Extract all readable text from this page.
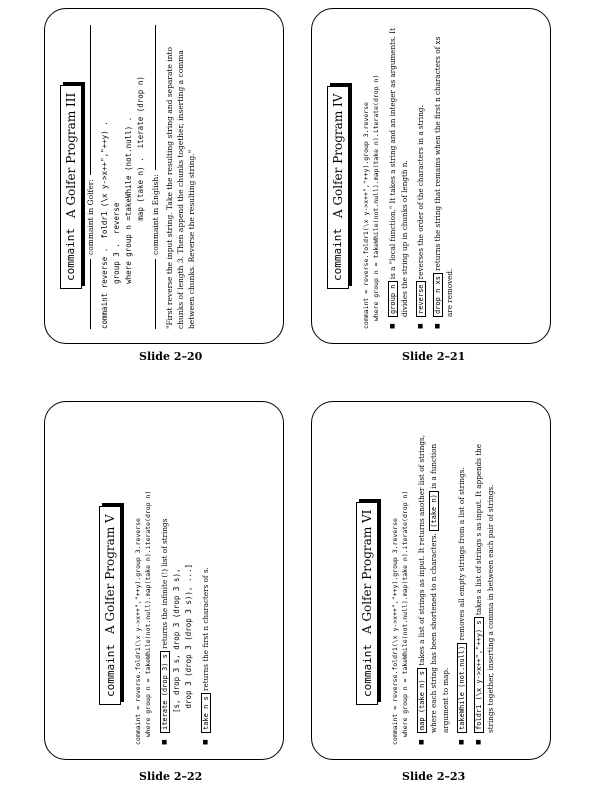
commaint
A Golfer Program III commaint in Golfer: commaint reverse .  foldr1 (\x y->x++","++y) . group 3 .  reverse where group n =takeWhile (not.null) . map (take n) .  iterate (drop n) commaint in English: "First reverse the input string. Take the resulting string and separate into chunks of length 3. Then append the chunks together, inserting a comma between chunks. Reverse the resulting string."
Slide 2–20
commaint
A Golfer Program IV	commaint = reverse.foldr1(\x y->x++","++y).group 3.reverse where group n = takeWhile(not.null).map(take n).iterate(drop n) ■ group n is a "local function." It takes a string and an integer as arguments. It divides the string up in chunks of length n. ■ reverse reverses the order of the characters in a string.
■ drop n xs returns the string that remains when the first n characters of xs are removed.
Slide 2–21
commaint
A Golfer Program V	commaint = reverse.foldr1(\x y->x++","++y).group 3.reverse where group n = takeWhile(not.null).map(take n).iterate(drop n) ■ iterate (drop 3) s returns the infinite (!) list of strings [s, drop 3 s, drop 3 (drop 3 s), drop 3 (drop 3 (drop 3 s)), ...]
■ take n s returns the first n characters of s.
Slide 2–22
commaint
A Golfer Program VI	commaint = reverse.foldr1(\x y->x++","++y).group 3.reverse where group n = takeWhile(not.null).map(take n).iterate(drop n) ■ map (take n) s takes a list of strings as input. It returns another list of strings, where each string has been shortened to n characters. (take n) is a function argument to map. ■ takeWhile (not.null) removes all empty strings from a list of strings.
■ foldr1 (\x y->x++","++y) s takes a list of strings s as input. It appends the strings together, inserting a comma in between each pair of strings.
Slide 2–23
